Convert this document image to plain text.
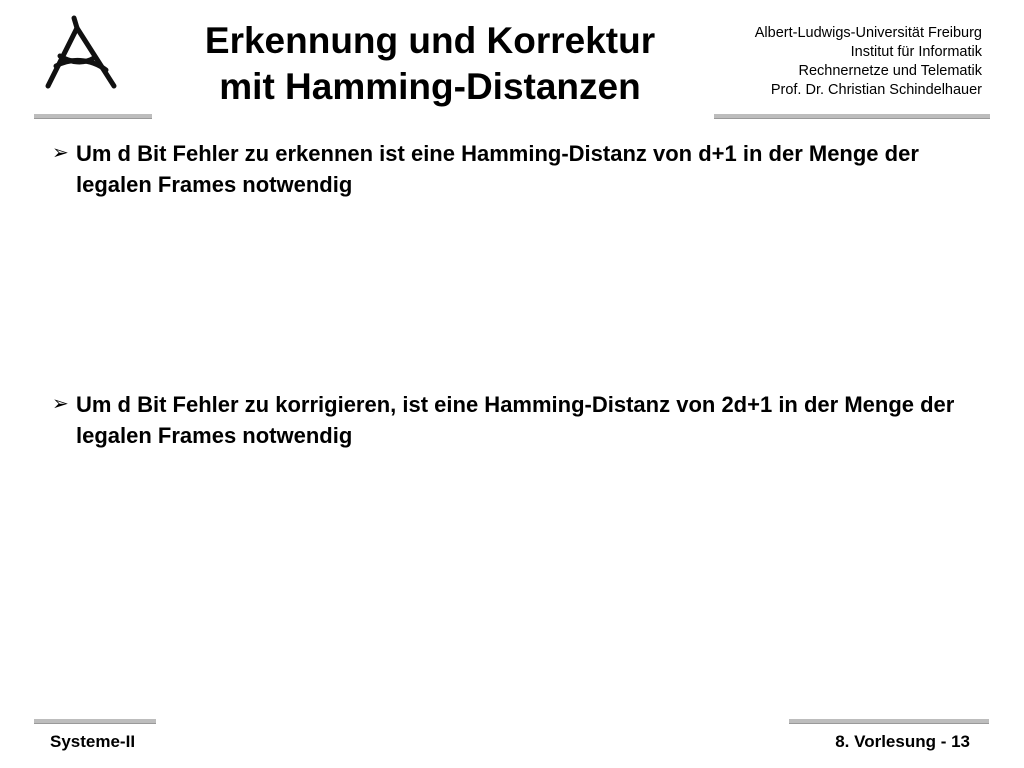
Erkennung und Korrektur
mit Hamming-Distanzen
Albert-Ludwigs-Universität Freiburg
Institut für Informatik
Rechnernetze und Telematik
Prof. Dr. Christian Schindelhauer
➢ Um d Bit Fehler zu erkennen ist eine Hamming-Distanz von d+1 in der Menge der legalen Frames notwendig
➢ Um d Bit Fehler zu korrigieren, ist eine Hamming-Distanz von 2d+1 in der Menge der legalen Frames notwendig
Systeme-II	8. Vorlesung - 13
